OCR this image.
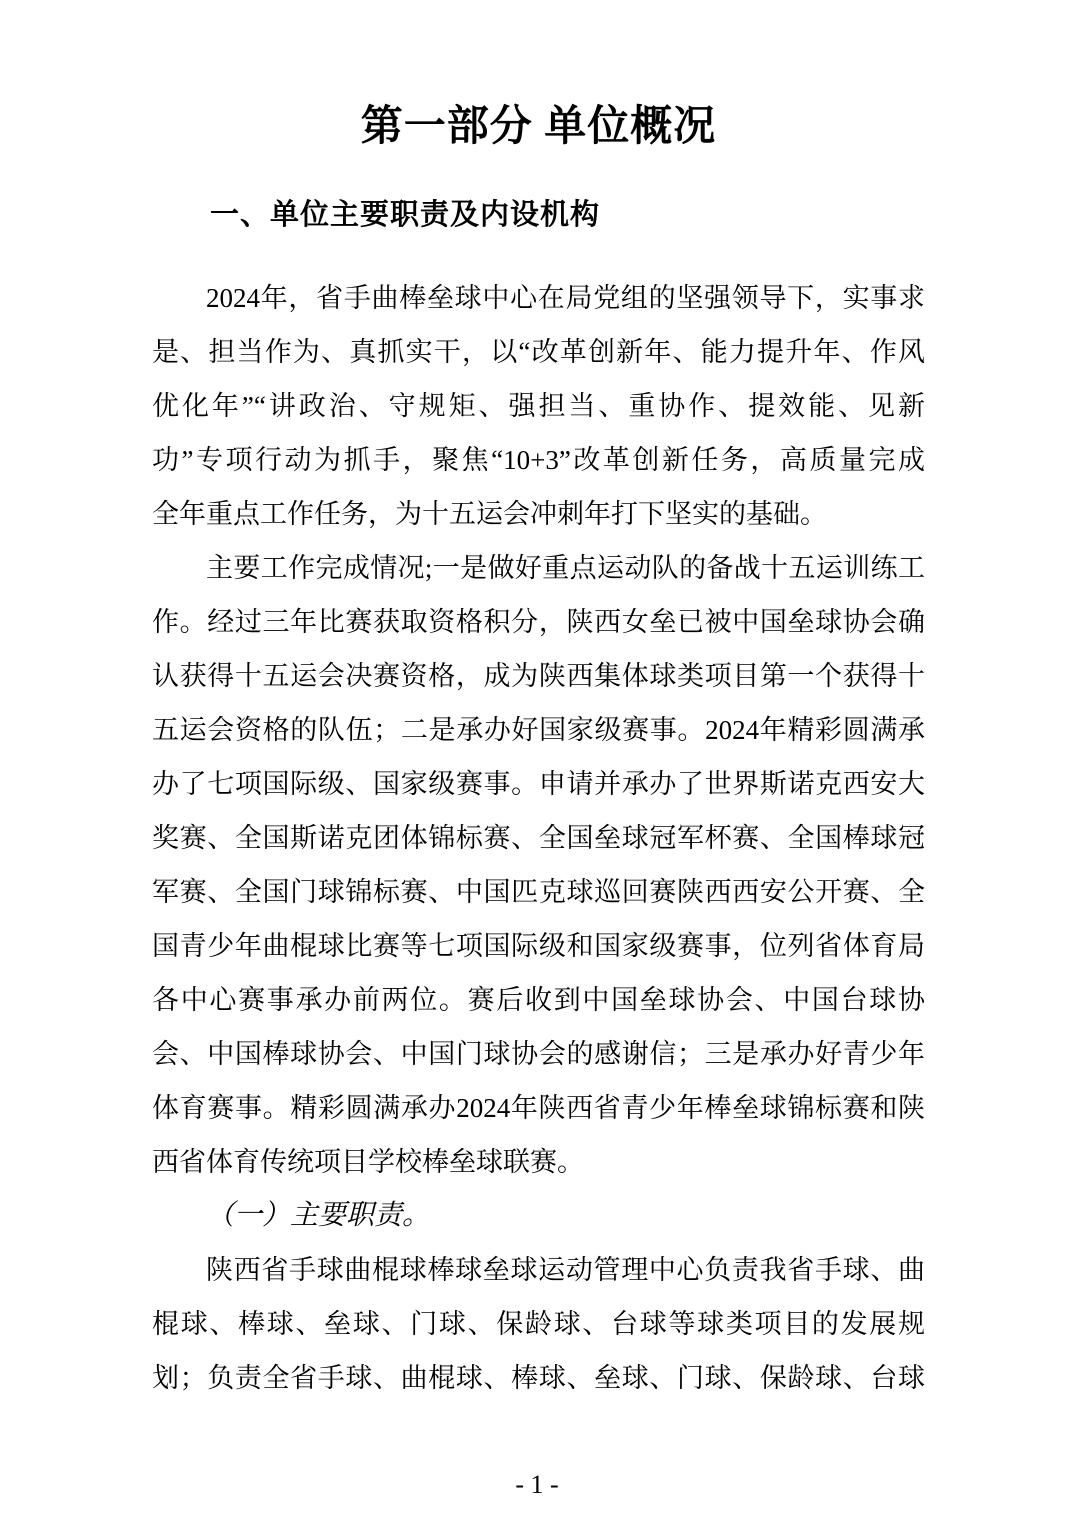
第一部分 单位概况
一、单位主要职责及内设机构
2024年，省手曲棒垒球中心在局党组的坚强领导下，实事求
是、担当作为、真抓实干，以“改革创新年、能力提升年、作风
优化年”“讲政治、守规矩、强担当、重协作、提效能、见新
功”专项行动为抓手，聚焦“10+3”改革创新任务，高质量完成
全年重点工作任务，为十五运会冲刺年打下坚实的基础。
主要工作完成情况;一是做好重点运动队的备战十五运训练工
作。经过三年比赛获取资格积分，陕西女垒已被中国垒球协会确
认获得十五运会决赛资格，成为陕西集体球类项目第一个获得十
五运会资格的队伍；二是承办好国家级赛事。2024年精彩圆满承
办了七项国际级、国家级赛事。申请并承办了世界斯诺克西安大
奖赛、全国斯诺克团体锦标赛、全国垒球冠军杯赛、全国棒球冠
军赛、全国门球锦标赛、中国匹克球巡回赛陕西西安公开赛、全
国青少年曲棍球比赛等七项国际级和国家级赛事，位列省体育局
各中心赛事承办前两位。赛后收到中国垒球协会、中国台球协
会、中国棒球协会、中国门球协会的感谢信；三是承办好青少年
体育赛事。精彩圆满承办2024年陕西省青少年棒垒球锦标赛和陕
西省体育传统项目学校棒垒球联赛。
（一）主要职责。
陕西省手球曲棍球棒球垒球运动管理中心负责我省手球、曲
棍球、棒球、垒球、门球、保龄球、台球等球类项目的发展规
划；负责全省手球、曲棍球、棒球、垒球、门球、保龄球、台球
- 1 -
